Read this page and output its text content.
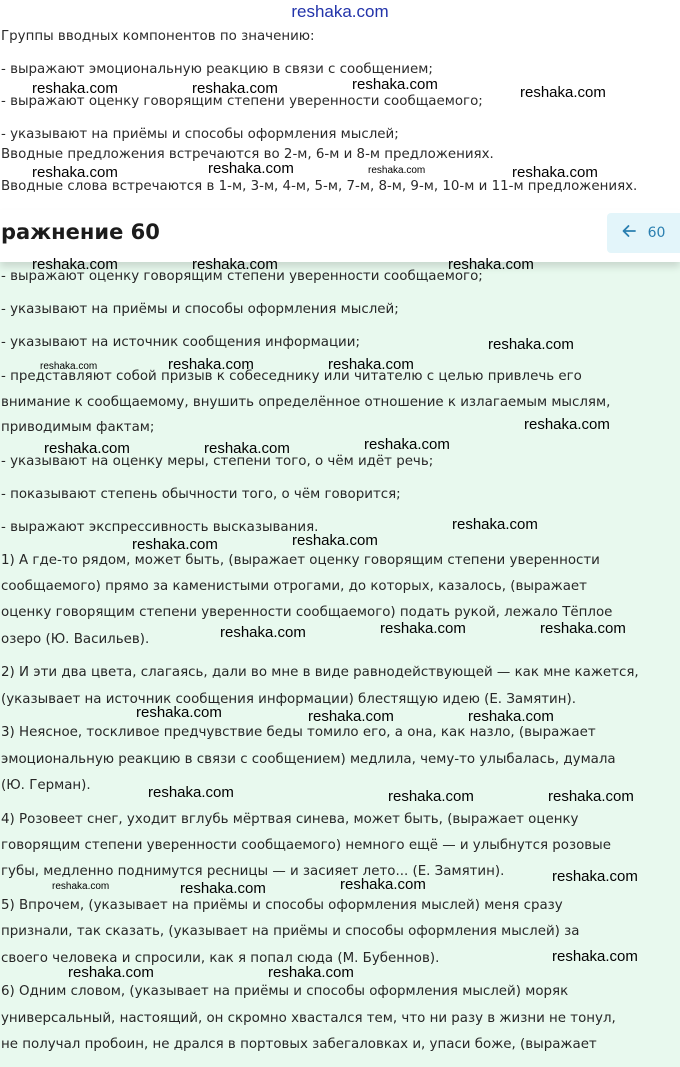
reshaka.com
Группы вводных компонентов по значению:
- выражают эмоциональную реакцию в связи с сообщением;
- выражают оценку говорящим степени уверенности сообщаемого;
- указывают на приёмы и способы оформления мыслей;
Вводные предложения встречаются во 2-м, 6-м и 8-м предложениях.
Вводные слова встречаются в 1-м, 3-м, 4-м, 5-м, 7-м, 8-м, 9-м, 10-м и 11-м предложениях.
ражнение 60	60
- выражают оценку говорящим степени уверенности сообщаемого;
- указывают на приёмы и способы оформления мыслей;
- указывают на источник сообщения информации;
- представляют собой призыв к собеседнику или читателю с целью привлечь его
внимание к сообщаемому, внушить определённое отношение к излагаемым мыслям,
приводимым фактам;
- указывают на оценку меры, степени того, о чём идёт речь;
- показывают степень обычности того, о чём говорится;
- выражают экспрессивность высказывания.
1) А где-то рядом, может быть, (выражает оценку говорящим степени уверенности
сообщаемого) прямо за каменистыми отрогами, до которых, казалось, (выражает
оценку говорящим степени уверенности сообщаемого) подать рукой, лежало Тёплое
озеро (Ю. Васильев).
2) И эти два цвета, слагаясь, дали во мне в виде равнодействующей — как мне кажется,
(указывает на источник сообщения информации) блестящую идею (Е. Замятин).
3) Неясное, тоскливое предчувствие беды томило его, а она, как назло, (выражает
эмоциональную реакцию в связи с сообщением) медлила, чему-то улыбалась, думала
(Ю. Герман).
4) Розовеет снег, уходит вглубь мёртвая синева, может быть, (выражает оценку
говорящим степени уверенности сообщаемого) немного ещё — и улыбнутся розовые
губы, медленно поднимутся ресницы — и засияет лето... (Е. Замятин).
5) Впрочем, (указывает на приёмы и способы оформления мыслей) меня сразу
признали, так сказать, (указывает на приёмы и способы оформления мыслей) за
своего человека и спросили, как я попал сюда (М. Бубеннов).
6) Одним словом, (указывает на приёмы и способы оформления мыслей) моряк
универсальный, настоящий, он скромно хвастался тем, что ни разу в жизни не тонул,
не получал пробоин, не дрался в портовых забегаловках и, упаси боже, (выражает
reshaka.com	reshaka.com	reshaka.com	reshaka.com
reshaka.com	reshaka.com	reshaka.com	reshaka.com
reshaka.com	reshaka.com	reshaka.com
reshaka.com
reshaka.com	reshaka.com	reshaka.com
reshaka.com
reshaka.com	reshaka.com	reshaka.com
reshaka.com
reshaka.com	reshaka.com
reshaka.com	reshaka.com	reshaka.com
reshaka.com	reshaka.com	reshaka.com
reshaka.com	reshaka.com	reshaka.com
reshaka.com
reshaka.com	reshaka.com	reshaka.com
reshaka.com
reshaka.com	reshaka.com
